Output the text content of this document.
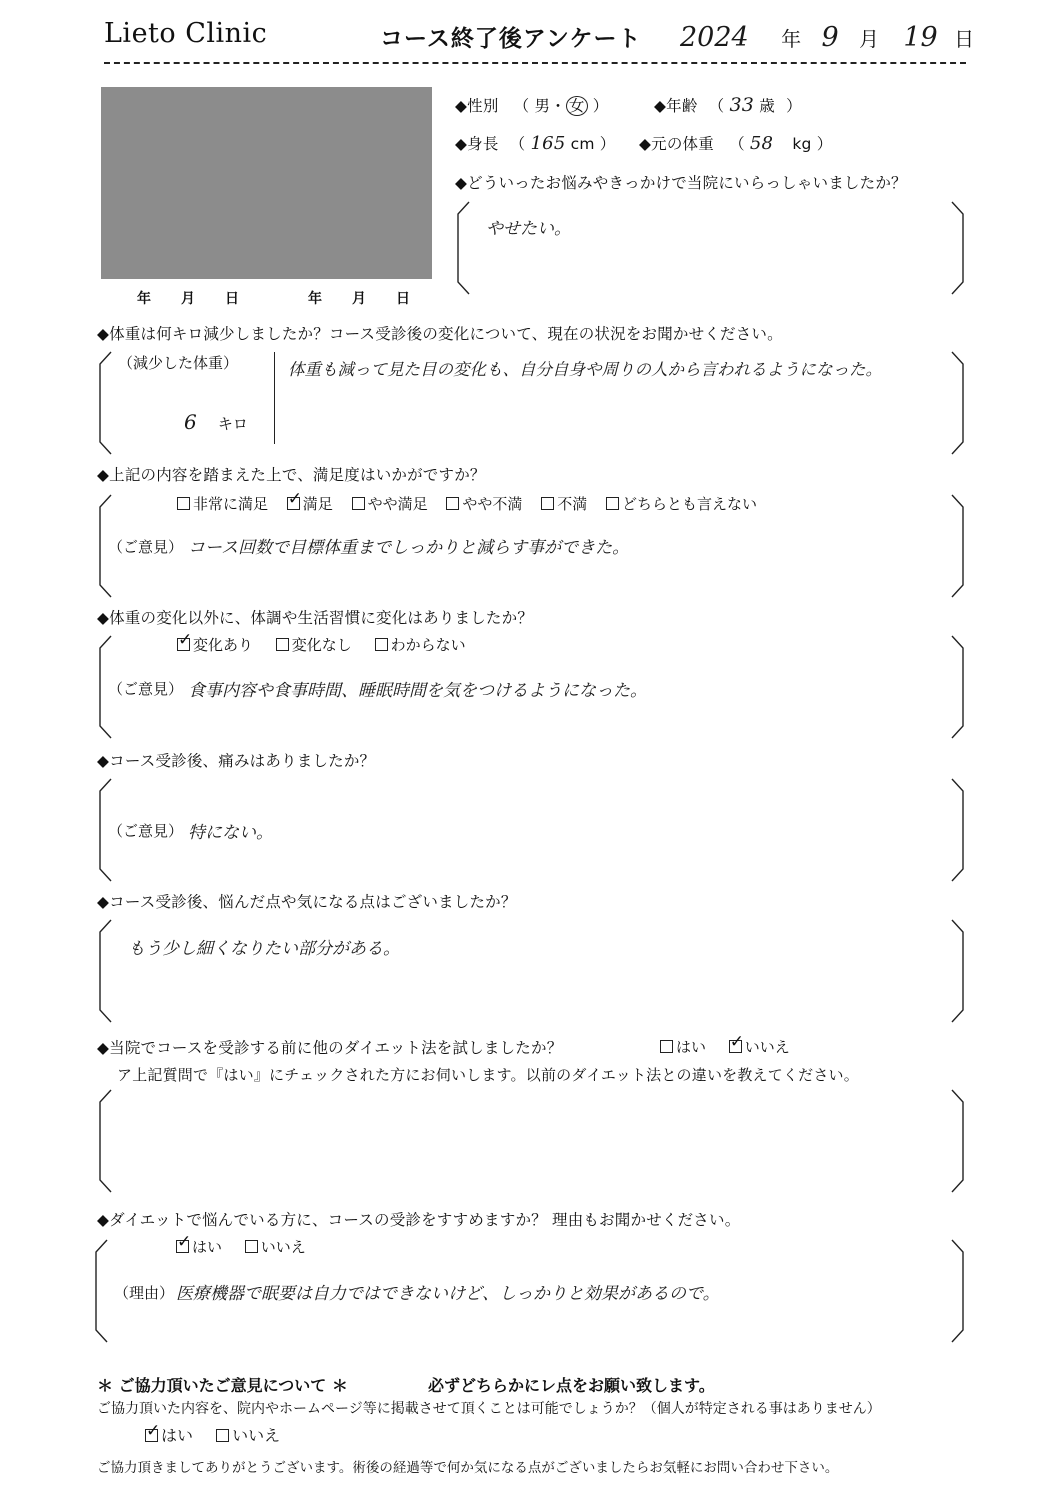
Lieto Clinic	コース終了後アンケート 2024 年 9 月 19 日
年 月 日	年 月 日
◆性別 （ 男・ 女 ）	◆年齢 （ 33 歳 ）
◆身長 （ 165 cm ） ◆元の体重 （ 58 kg ）
◆どういったお悩みやきっかけで当院にいらっしゃいましたか？
やせたい。
◆体重は何キロ減少しましたか？コース受診後の変化について、現在の状況をお聞かせください。
（減少した体重）
6 キロ
体重も減って見た目の変化も、自分自身や周りの人から言われるようになった。
◆上記の内容を踏まえた上で、満足度はいかがですか？
非常に満足 ✓ 満足 やや満足 やや不満 不満 どちらとも言えない
（ご意見） コース回数で目標体重までしっかりと減らす事ができた。
◆体重の変化以外に、体調や生活習慣に変化はありましたか？
✓変化あり	変化なし	わからない
（ご意見） 食事内容や食事時間、睡眠時間を気をつけるようになった。
◆コース受診後、痛みはありましたか？
（ご意見） 特にない。
◆コース受診後、悩んだ点や気になる点はございましたか？
もう少し細くなりたい部分がある。
◆当院でコースを受診する前に他のダイエット法を試しましたか？	はい ✓	いいえ
ア上記質問で『はい』にチェックされた方にお伺いします。以前のダイエット法との違いを教えてください。
◆ダイエットで悩んでいる方に、コースの受診をすすめますか？ 理由もお聞かせください。
✓はい	いいえ
（理由） 医療機器で眠要は自力ではできないけど、しっかりと効果があるので。
＊ ご協力頂いたご意見について ＊	必ずどちらかにレ点をお願い致します。
ご協力頂いた内容を、院内やホームページ等に掲載させて頂くことは可能でしょうか？（個人が特定される事はありません）
✓はい いいえ
ご協力頂きましてありがとうございます。術後の経過等で何か気になる点がございましたらお気軽にお問い合わせ下さい。
